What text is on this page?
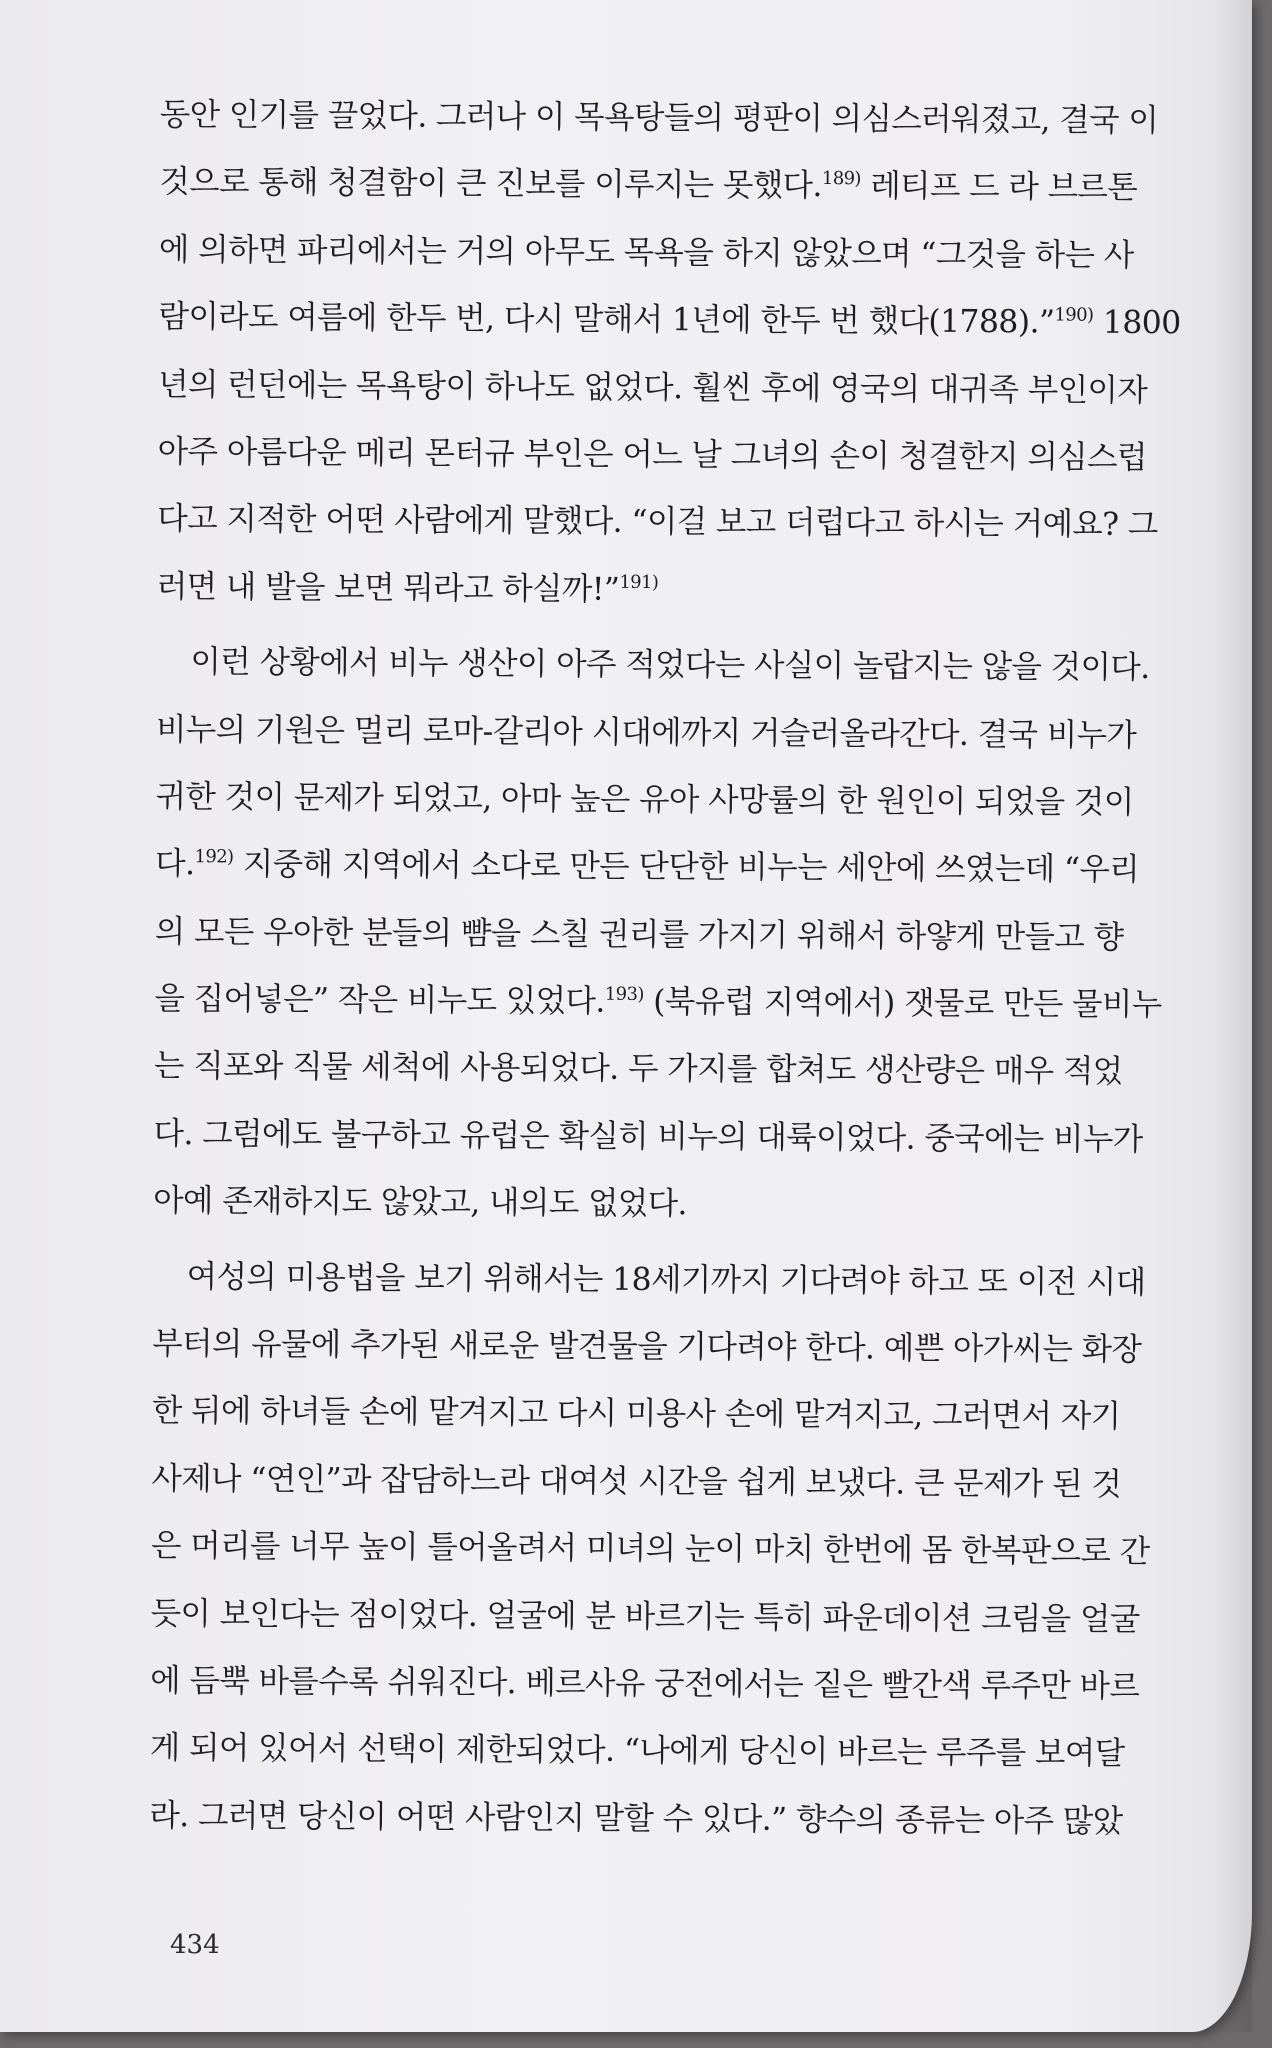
동안 인기를 끌었다. 그러나 이 목욕탕들의 평판이 의심스러워졌고, 결국 이
것으로 통해 청결함이 큰 진보를 이루지는 못했다.$^{189)}$ 레티프 드 라 브르톤
에 의하면 파리에서는 거의 아무도 목욕을 하지 않았으며 “그것을 하는 사
람이라도 여름에 한두 번, 다시 말해서 1년에 한두 번 했다(1788).”$^{190)}$ 1800
년의 런던에는 목욕탕이 하나도 없었다. 훨씬 후에 영국의 대귀족 부인이자
아주 아름다운 메리 몬터규 부인은 어느 날 그녀의 손이 청결한지 의심스럽
다고 지적한 어떤 사람에게 말했다. “이걸 보고 더럽다고 하시는 거예요? 그
러면 내 발을 보면 뭐라고 하실까!”$^{191)}$
이런 상황에서 비누 생산이 아주 적었다는 사실이 놀랍지는 않을 것이다.
비누의 기원은 멀리 로마-갈리아 시대에까지 거슬러올라간다. 결국 비누가
귀한 것이 문제가 되었고, 아마 높은 유아 사망률의 한 원인이 되었을 것이
다.$^{192)}$ 지중해 지역에서 소다로 만든 단단한 비누는 세안에 쓰였는데 “우리
의 모든 우아한 분들의 뺨을 스칠 권리를 가지기 위해서 하얗게 만들고 향
을 집어넣은” 작은 비누도 있었다.$^{193)}$ (북유럽 지역에서) 잿물로 만든 물비누
는 직포와 직물 세척에 사용되었다. 두 가지를 합쳐도 생산량은 매우 적었
다. 그럼에도 불구하고 유럽은 확실히 비누의 대륙이었다. 중국에는 비누가
아예 존재하지도 않았고, 내의도 없었다.
여성의 미용법을 보기 위해서는 18세기까지 기다려야 하고 또 이전 시대
부터의 유물에 추가된 새로운 발견물을 기다려야 한다. 예쁜 아가씨는 화장
한 뒤에 하녀들 손에 맡겨지고 다시 미용사 손에 맡겨지고, 그러면서 자기
사제나 “연인”과 잡담하느라 대여섯 시간을 쉽게 보냈다. 큰 문제가 된 것
은 머리를 너무 높이 틀어올려서 미녀의 눈이 마치 한번에 몸 한복판으로 간
듯이 보인다는 점이었다. 얼굴에 분 바르기는 특히 파운데이션 크림을 얼굴
에 듬뿍 바를수록 쉬워진다. 베르사유 궁전에서는 짙은 빨간색 루주만 바르
게 되어 있어서 선택이 제한되었다. “나에게 당신이 바르는 루주를 보여달
라. 그러면 당신이 어떤 사람인지 말할 수 있다.” 향수의 종류는 아주 많았
434
